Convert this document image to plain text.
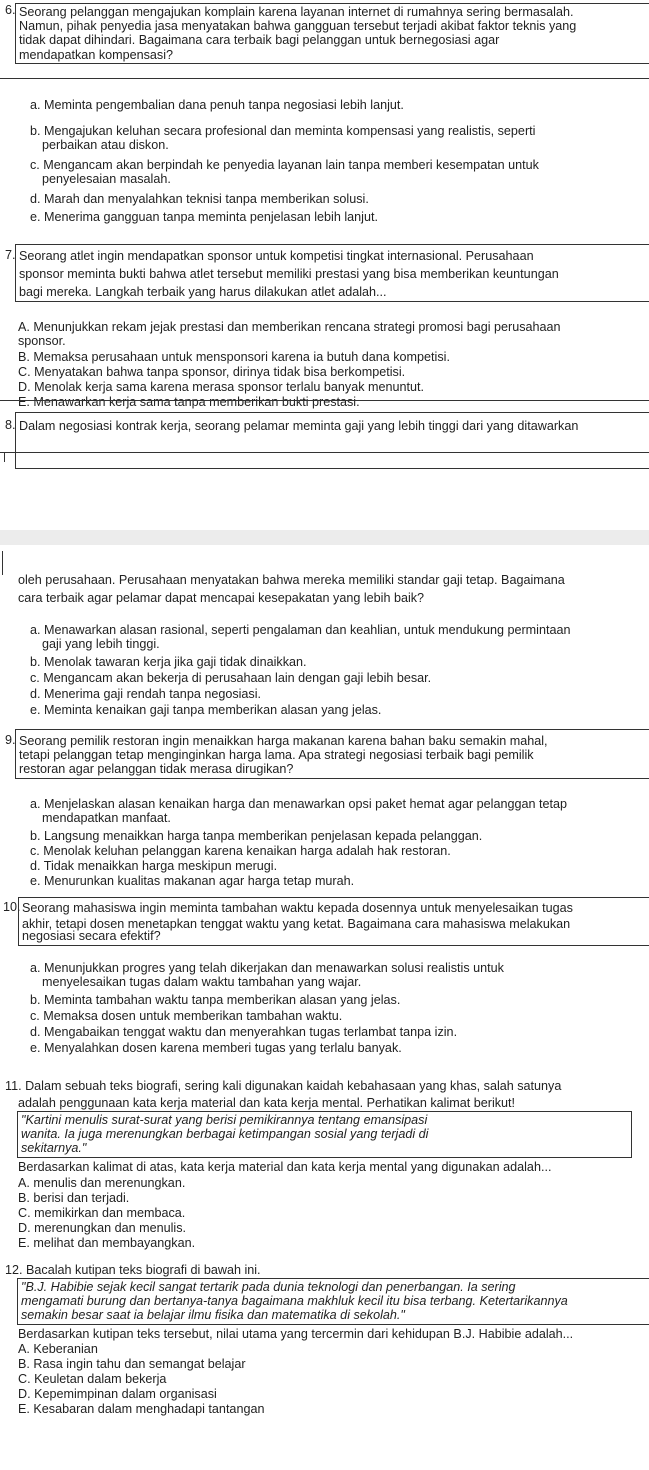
6. Seorang pelanggan mengajukan komplain karena layanan internet di rumahnya sering bermasalah.
Namun, pihak penyedia jasa menyatakan bahwa gangguan tersebut terjadi akibat faktor teknis yang
tidak dapat dihindari. Bagaimana cara terbaik bagi pelanggan untuk bernegosiasi agar
mendapatkan kompensasi?
a. Meminta pengembalian dana penuh tanpa negosiasi lebih lanjut.
b. Mengajukan keluhan secara profesional dan meminta kompensasi yang realistis, seperti
perbaikan atau diskon.
c. Mengancam akan berpindah ke penyedia layanan lain tanpa memberi kesempatan untuk
penyelesaian masalah.
d. Marah dan menyalahkan teknisi tanpa memberikan solusi.
e. Menerima gangguan tanpa meminta penjelasan lebih lanjut.
7. Seorang atlet ingin mendapatkan sponsor untuk kompetisi tingkat internasional. Perusahaan
sponsor meminta bukti bahwa atlet tersebut memiliki prestasi yang bisa memberikan keuntungan
bagi mereka. Langkah terbaik yang harus dilakukan atlet adalah...
A. Menunjukkan rekam jejak prestasi dan memberikan rencana strategi promosi bagi perusahaan
sponsor.
B. Memaksa perusahaan untuk mensponsori karena ia butuh dana kompetisi.
C. Menyatakan bahwa tanpa sponsor, dirinya tidak bisa berkompetisi.
D. Menolak kerja sama karena merasa sponsor terlalu banyak menuntut.
E. Menawarkan kerja sama tanpa memberikan bukti prestasi.
8. Dalam negosiasi kontrak kerja, seorang pelamar meminta gaji yang lebih tinggi dari yang ditawarkan
oleh perusahaan. Perusahaan menyatakan bahwa mereka memiliki standar gaji tetap. Bagaimana
cara terbaik agar pelamar dapat mencapai kesepakatan yang lebih baik?
a. Menawarkan alasan rasional, seperti pengalaman dan keahlian, untuk mendukung permintaan
gaji yang lebih tinggi.
b. Menolak tawaran kerja jika gaji tidak dinaikkan.
c. Mengancam akan bekerja di perusahaan lain dengan gaji lebih besar.
d. Menerima gaji rendah tanpa negosiasi.
e. Meminta kenaikan gaji tanpa memberikan alasan yang jelas.
9. Seorang pemilik restoran ingin menaikkan harga makanan karena bahan baku semakin mahal,
tetapi pelanggan tetap menginginkan harga lama. Apa strategi negosiasi terbaik bagi pemilik
restoran agar pelanggan tidak merasa dirugikan?
a. Menjelaskan alasan kenaikan harga dan menawarkan opsi paket hemat agar pelanggan tetap
mendapatkan manfaat.
b. Langsung menaikkan harga tanpa memberikan penjelasan kepada pelanggan.
c. Menolak keluhan pelanggan karena kenaikan harga adalah hak restoran.
d. Tidak menaikkan harga meskipun merugi.
e. Menurunkan kualitas makanan agar harga tetap murah.
10. Seorang mahasiswa ingin meminta tambahan waktu kepada dosennya untuk menyelesaikan tugas
akhir, tetapi dosen menetapkan tenggat waktu yang ketat. Bagaimana cara mahasiswa melakukan
negosiasi secara efektif?
a. Menunjukkan progres yang telah dikerjakan dan menawarkan solusi realistis untuk
menyelesaikan tugas dalam waktu tambahan yang wajar.
b. Meminta tambahan waktu tanpa memberikan alasan yang jelas.
c. Memaksa dosen untuk memberikan tambahan waktu.
d. Mengabaikan tenggat waktu dan menyerahkan tugas terlambat tanpa izin.
e. Menyalahkan dosen karena memberi tugas yang terlalu banyak.
11. Dalam sebuah teks biografi, sering kali digunakan kaidah kebahasaan yang khas, salah satunya
adalah penggunaan kata kerja material dan kata kerja mental. Perhatikan kalimat berikut!
"Kartini menulis surat-surat yang berisi pemikirannya tentang emansipasi
wanita. Ia juga merenungkan berbagai ketimpangan sosial yang terjadi di
sekitarnya."
Berdasarkan kalimat di atas, kata kerja material dan kata kerja mental yang digunakan adalah...
A. menulis dan merenungkan.
B. berisi dan terjadi.
C. memikirkan dan membaca.
D. merenungkan dan menulis.
E. melihat dan membayangkan.
12. Bacalah kutipan teks biografi di bawah ini.
"B.J. Habibie sejak kecil sangat tertarik pada dunia teknologi dan penerbangan. Ia sering
mengamati burung dan bertanya-tanya bagaimana makhluk kecil itu bisa terbang. Ketertarikannya
semakin besar saat ia belajar ilmu fisika dan matematika di sekolah."
Berdasarkan kutipan teks tersebut, nilai utama yang tercermin dari kehidupan B.J. Habibie adalah...
A. Keberanian
B. Rasa ingin tahu dan semangat belajar
C. Keuletan dalam bekerja
D. Kepemimpinan dalam organisasi
E. Kesabaran dalam menghadapi tantangan
